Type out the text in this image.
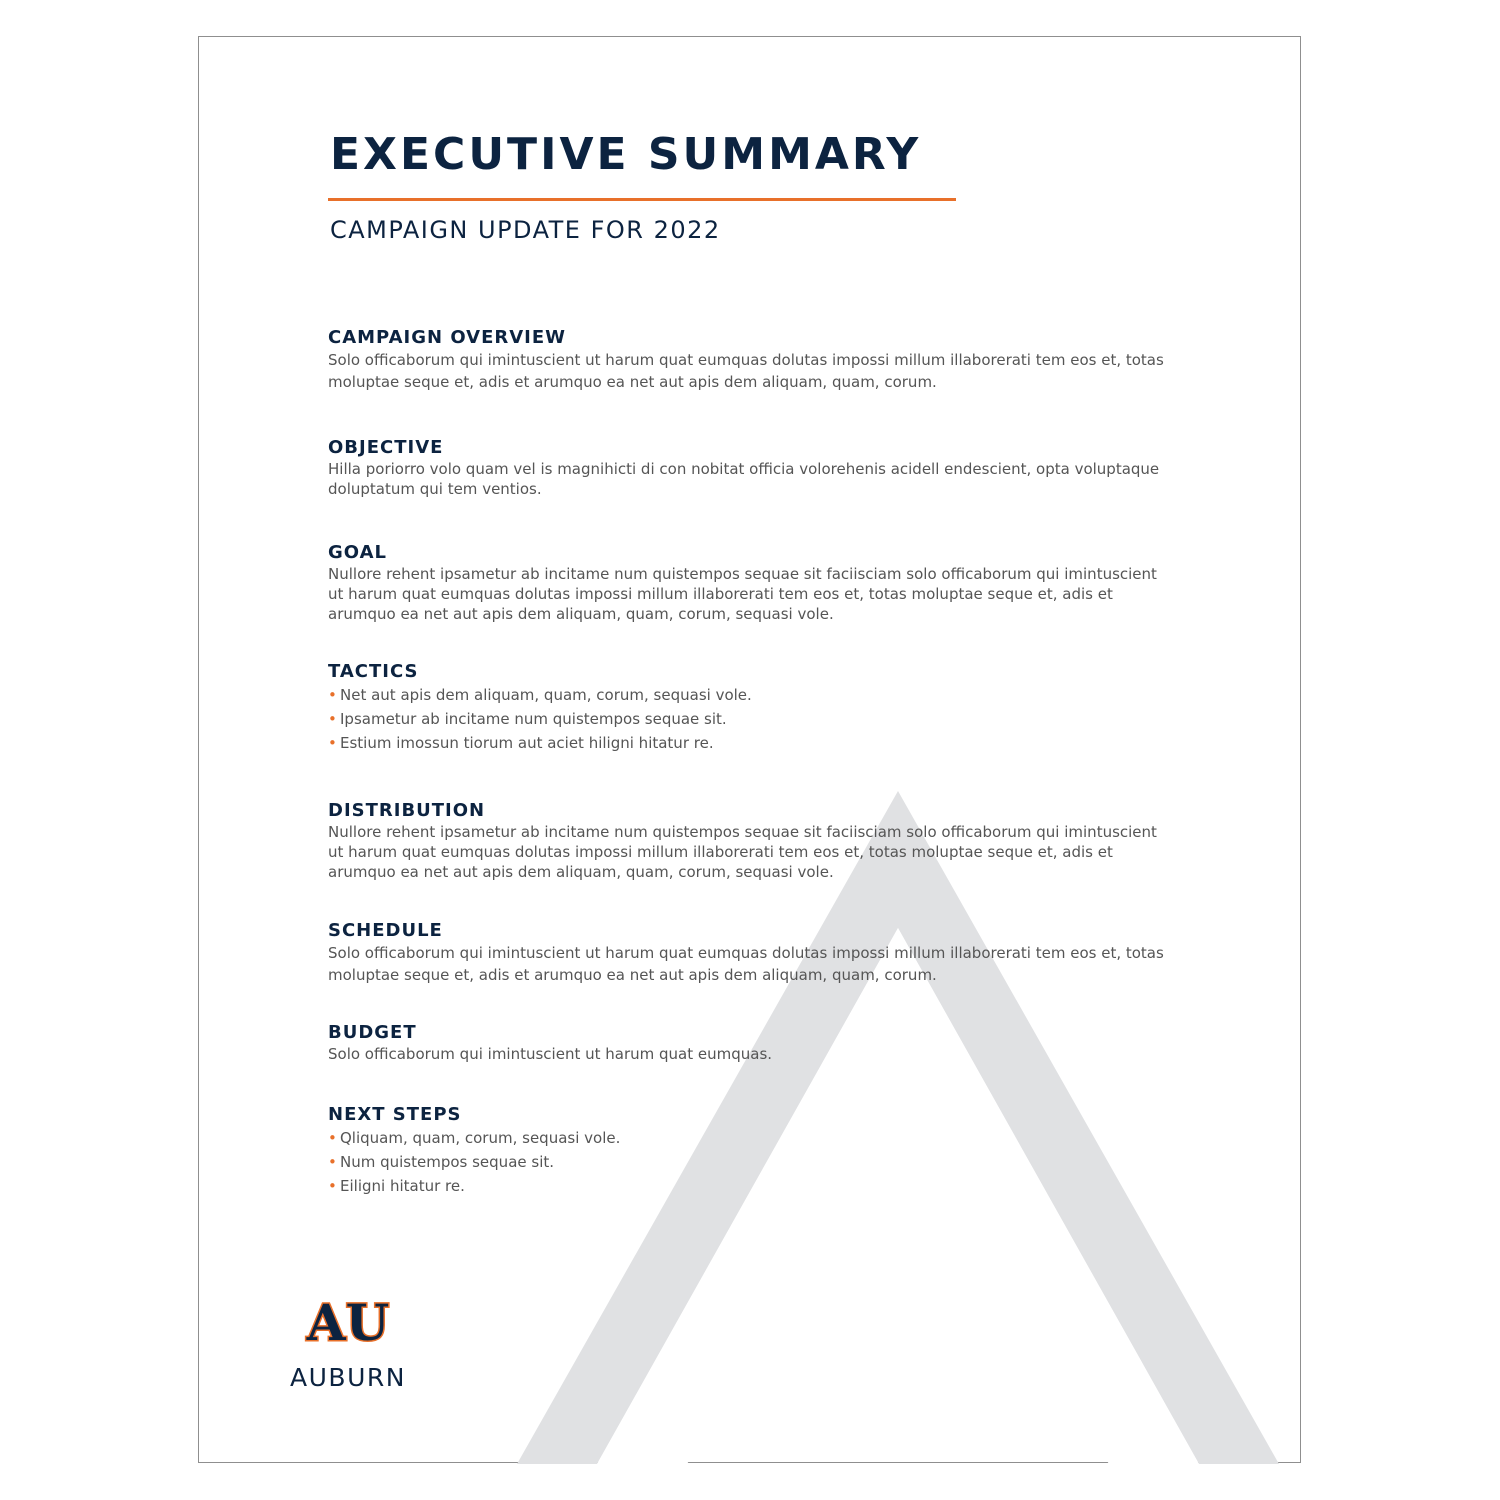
EXECUTIVE SUMMARY
CAMPAIGN UPDATE FOR 2022
CAMPAIGN OVERVIEW

Solo officaborum qui imintuscient ut harum quat eumquas dolutas impossi millum illaborerati tem eos et, totas moluptae seque et, adis et arumquo ea net aut apis dem aliquam, quam, corum.

OBJECTIVE

Hilla poriorro volo quam vel is magnihicti di con nobitat officia volorehenis acidell endescient, opta voluptaque doluptatum qui tem ventios.

GOAL

Nullore rehent ipsametur ab incitame num quistempos sequae sit faciisciam solo officaborum qui imintuscient ut harum quat eumquas dolutas impossi millum illaborerati tem eos et, totas moluptae seque et, adis et arumquo ea net aut apis dem aliquam, quam, corum, sequasi vole.

TACTICS
• Net aut apis dem aliquam, quam, corum, sequasi vole.
• Ipsametur ab incitame num quistempos sequae sit.
• Estium imossun tiorum aut aciet hiligni hitatur re.
DISTRIBUTION

Nullore rehent ipsametur ab incitame num quistempos sequae sit faciisciam solo officaborum qui imintuscient ut harum quat eumquas dolutas impossi millum illaborerati tem eos et, totas moluptae seque et, adis et arumquo ea net aut apis dem aliquam, quam, corum, sequasi vole.

SCHEDULE

Solo officaborum qui imintuscient ut harum quat eumquas dolutas impossi millum illaborerati tem eos et, totas moluptae seque et, adis et arumquo ea net aut apis dem aliquam, quam, corum.

BUDGET

Solo officaborum qui imintuscient ut harum quat eumquas.

NEXT STEPS
• Qliquam, quam, corum, sequasi vole.
• Num quistempos sequae sit.
• Eiligni hitatur re.
AU
AUBURN
